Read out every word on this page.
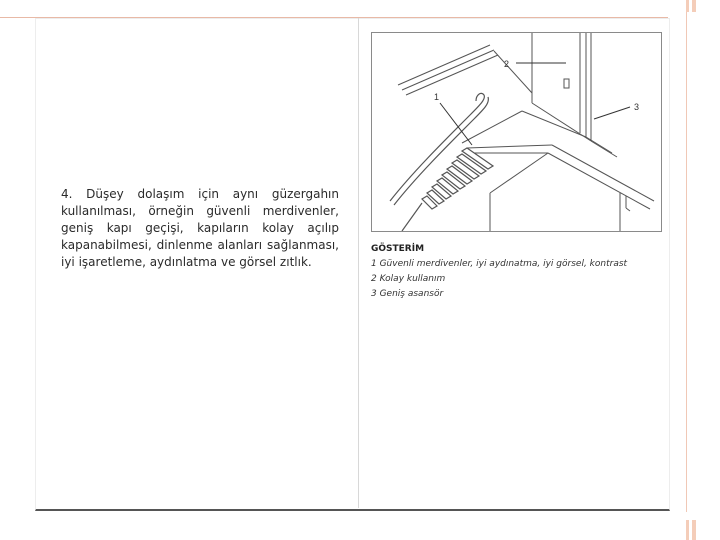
4. Düşey dolaşım için aynı güzergahın kullanılması, örneğin güvenli merdivenler, geniş kapı geçişi, kapıların kolay açılıp kapanabilmesi, dinlenme alanları sağlanması, iyi işaretleme, aydınlatma ve görsel zıtlık.

1
2
3

GÖSTERİM

1 Güvenli merdivenler, iyi aydınatma, iyi görsel, kontrast

2 Kolay kullanım

3 Geniş asansör
